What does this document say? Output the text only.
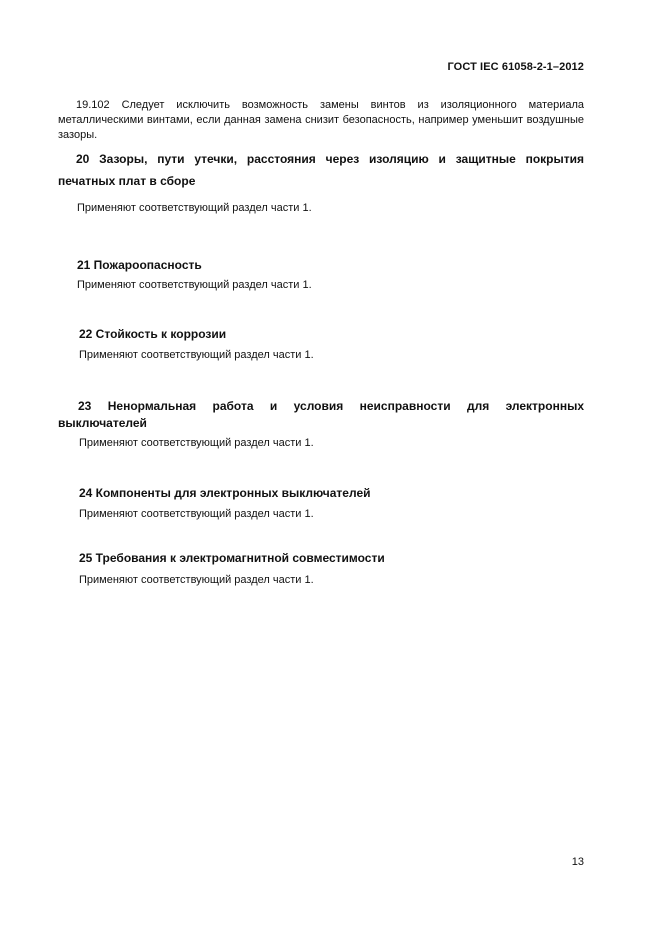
ГОСТ IEC 61058-2-1–2012

19.102 Следует исключить возможность замены винтов из изоляционного материала металлическими винтами, если данная замена снизит безопасность, например уменьшит воздушные зазоры.

20 Зазоры, пути утечки, расстояния через изоляцию и защитные покрытия печатных плат в сборе

Применяют соответствующий раздел части 1.

21 Пожароопасность

Применяют соответствующий раздел части 1.

22 Стойкость к коррозии

Применяют соответствующий раздел части 1.

23 Ненормальная работа и условия неисправности для электронных выключателей

Применяют соответствующий раздел части 1.

24 Компоненты для электронных выключателей

Применяют соответствующий раздел части 1.

25 Требования к электромагнитной совместимости

Применяют соответствующий раздел части 1.

13
